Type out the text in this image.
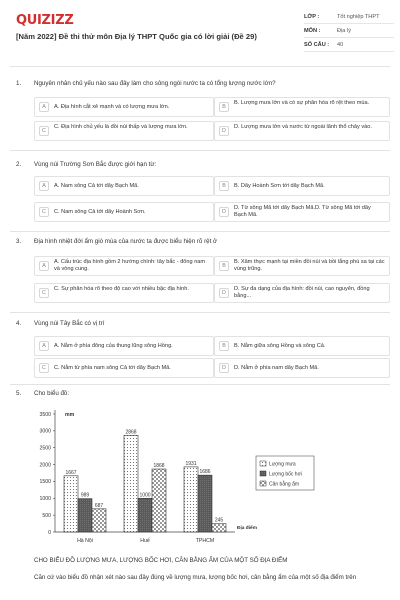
QUIZIZZ
[Năm 2022] Đề thi thử môn Địa lý THPT Quốc gia có lời giải (Đề 29)
LỚP :	Tốt nghiệp THPT
MÔN :	Địa lý
SỐ CÂU :	40
1. Nguyên nhân chủ yếu nào sau đây làm cho sông ngòi nước ta có tổng lượng nước lớn?
A	A. Địa hình cắt xẻ mạnh và có lượng mưa lớn.	B
B. Lượng mưa lớn và có sự phân hóa rõ rệt theo mùa.
C
C. Địa hình chủ yếu là đồi núi thấp và lượng mưa lớn.
D
D. Lượng mưa lớn và nước từ ngoài lãnh thổ chảy vào.
2. Vùng núi Trường Sơn Bắc được giới hạn từ:
A	A. Nam sông Cả tới dãy Bạch Mã.	B	B. Dãy Hoành Sơn tới dãy Bạch Mã.
C	C. Nam sông Cả tới dãy Hoành Sơn.	D
D. Từ sông Mã tới dãy Bạch Mã.D. Từ sông Mã tới dãy Bạch Mã.
3. Địa hình nhiệt đới ẩm gió mùa của nước ta được biểu hiện rõ rệt ở
A
A. Cấu trúc địa hình gồm 2 hướng chính: tây bắc - đông nam và vòng cung.
B
B. Xâm thực mạnh tại miền đồi núi và bồi lắng phù sa tại các vùng trũng.
C
C. Sự phân hóa rõ theo độ cao với nhiều bậc địa hình.
D
D. Sự đa dạng của địa hình: đồi núi, cao nguyên, đồng bằng...
4. Vùng núi Tây Bắc có vị trí
A	A. Nằm ở phía đông của thung lũng sông Hồng.	B	B. Nằm giữa sông Hồng và sông Cả.
C	C. Nằm từ phía nam sông Cả tới dãy Bạch Mã.	D	D. Nằm ở phía nam dãy Bạch Mã.
5. Cho biểu đồ:
0
500
1000
1500
2000
2500
3000
3500	mm
1667
989
687
Hà Nội
2868
1000
1868
Huế
1931
1686
245
TPHCM
Địa điểm
Lượng mưa
Lượng bốc hơi
Cân bằng ẩm
CHO BIỂU ĐỒ LƯỢNG MƯA, LƯỢNG BỐC HƠI, CÂN BẰNG ẨM CỦA MỘT SỐ ĐỊA ĐIỂM
Căn cứ vào biểu đồ nhận xét nào sau đây đúng về lượng mưa, lượng bốc hơi, cân bằng ẩm của một số địa điểm trên
